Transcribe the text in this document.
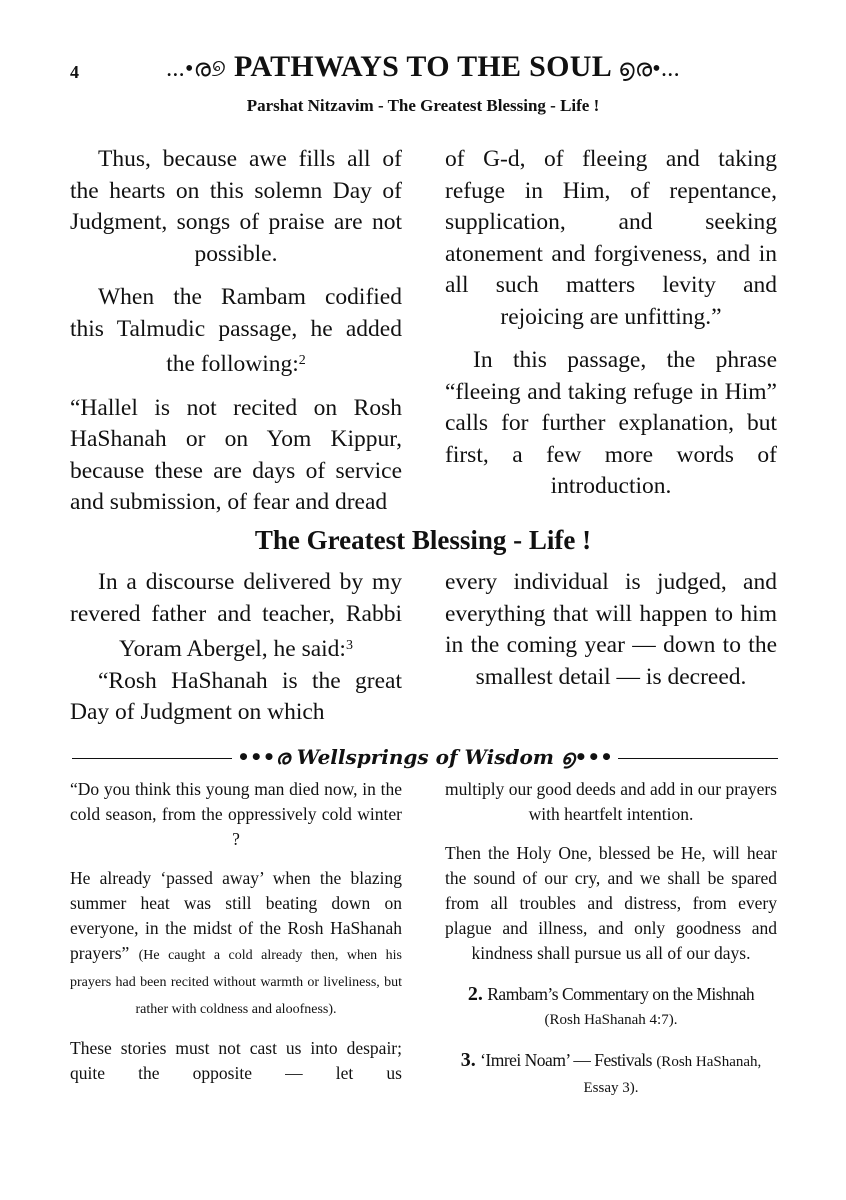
4	...•ര୭ PATHWAYS TO THE SOUL ൭ര•...
Parshat Nitzavim - The Greatest Blessing - Life !

Thus, because awe fills all of the hearts on this solemn Day of Judgment, songs of praise are not possible.

When the Rambam codified this Talmudic passage, he added the following:$^2$

“Hallel is not recited on Rosh HaShanah or on Yom Kippur, because these are days of service and submission, of fear and dread

of G-d, of fleeing and taking refuge in Him, of repentance, supplication, and seeking atonement and forgiveness, and in all such matters levity and rejoicing are unfitting.”

In this passage, the phrase “fleeing and taking refuge in Him” calls for further explanation, but first, a few more words of introduction.

The Greatest Blessing - Life !

In a discourse delivered by my revered father and teacher, Rabbi Yoram Abergel, he said:$^3$

“Rosh HaShanah is the great Day of Judgment on which

every individual is judged, and everything that will happen to him in the coming year — down to the smallest detail — is decreed.

•••ര Wellsprings of Wisdom ൭•••

“Do you think this young man died now, in the cold season, from the oppressively cold winter ?

He already ‘passed away’ when the blazing summer heat was still beating down on everyone, in the midst of the Rosh HaShanah prayers” (He caught a cold already then, when his prayers had been recited without warmth or liveliness, but rather with coldness and aloofness).

These stories must not cast us into despair; quite the opposite — let us

multiply our good deeds and add in our prayers with heartfelt intention.

Then the Holy One, blessed be He, will hear the sound of our cry, and we shall be spared from all troubles and distress, from every plague and illness, and only goodness and kindness shall pursue us all of our days.

2. Rambam’s Commentary on the Mishnah
(Rosh HaShanah 4:7).
3. ‘Imrei Noam’ — Festivals (Rosh HaShanah, Essay 3).
